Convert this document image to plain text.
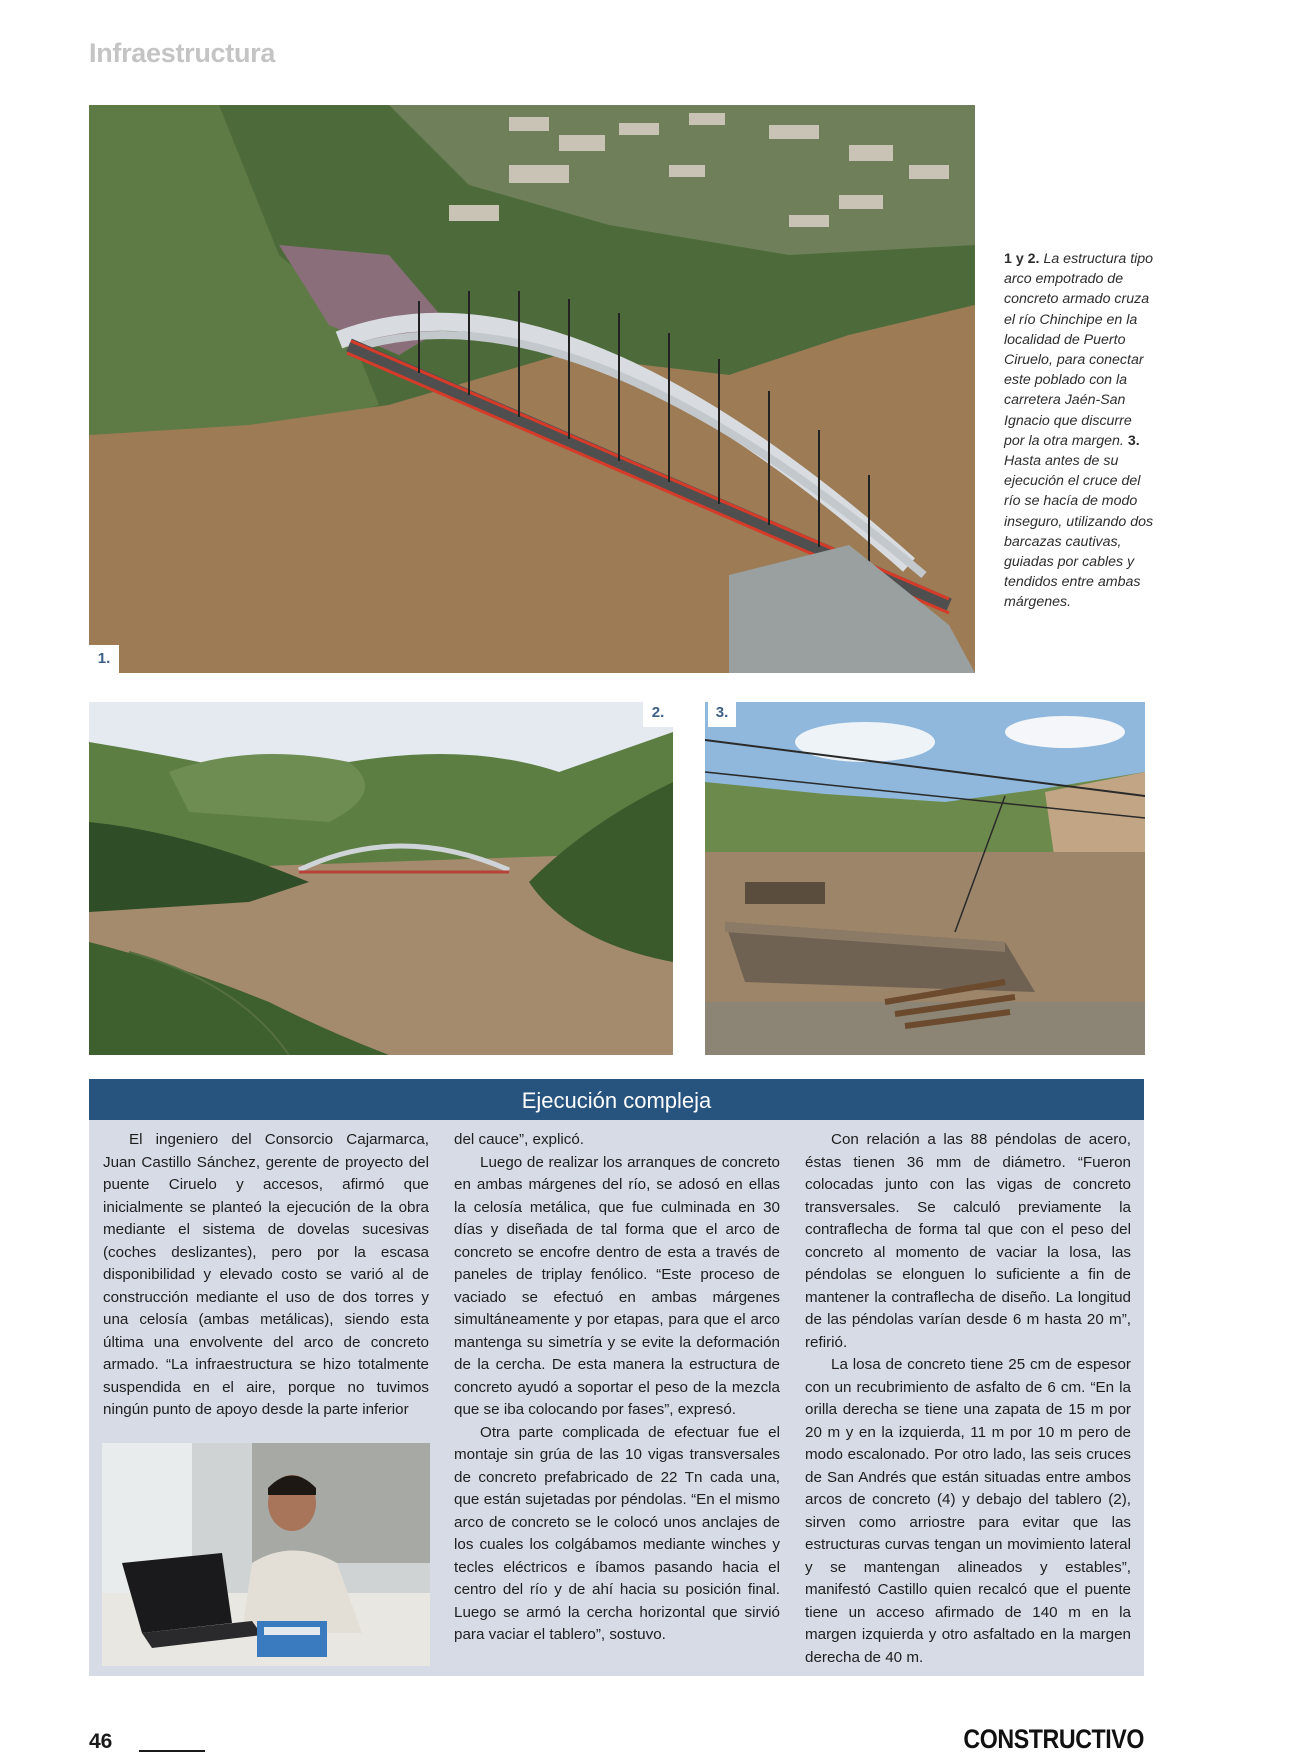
Infraestructura
1.
1 y 2. La estructura tipo arco empotrado de concreto armado cruza el río Chinchipe en la localidad de Puerto Ciruelo, para conectar este poblado con la carretera Jaén-San Ignacio que discurre por la otra margen. 3. Hasta antes de su ejecución el cruce del río se hacía de modo inseguro, utilizando dos barcazas cautivas, guiadas por cables y tendidos entre ambas márgenes.
2.	3.
Ejecución compleja

El ingeniero del Consorcio Cajarmarca, Juan Castillo Sánchez, gerente de proyecto del puente Ciruelo y accesos, afirmó que inicialmente se planteó la ejecución de la obra mediante el sistema de dovelas sucesivas (coches deslizantes), pero por la escasa disponibilidad y elevado costo se varió al de construcción mediante el uso de dos torres y una celosía (ambas metálicas), siendo esta última una envolvente del arco de concreto armado. “La infraestructura se hizo totalmente suspendida en el aire, porque no tuvimos ningún punto de apoyo desde la parte inferior

del cauce”, explicó.

Luego de realizar los arranques de concreto en ambas márgenes del río, se adosó en ellas la celosía metálica, que fue culminada en 30 días y diseñada de tal forma que el arco de concreto se encofre dentro de esta a través de paneles de triplay fenólico. “Este proceso de vaciado se efectuó en ambas márgenes simultáneamente y por etapas, para que el arco mantenga su simetría y se evite la deformación de la cercha. De esta manera la estructura de concreto ayudó a soportar el peso de la mezcla que se iba colocando por fases”, expresó.

Otra parte complicada de efectuar fue el montaje sin grúa de las 10 vigas transversales de concreto prefabricado de 22 Tn cada una, que están sujetadas por péndolas. “En el mismo arco de concreto se le colocó unos anclajes de los cuales los colgábamos mediante winches y tecles eléctricos e íbamos pasando hacia el centro del río y de ahí hacia su posición final. Luego se armó la cercha horizontal que sirvió para vaciar el tablero”, sostuvo.

Con relación a las 88 péndolas de acero, éstas tienen 36 mm de diámetro. “Fueron colocadas junto con las vigas de concreto transversales. Se calculó previamente la contraflecha de forma tal que con el peso del concreto al momento de vaciar la losa, las péndolas se elonguen lo suficiente a fin de mantener la contraflecha de diseño. La longitud de las péndolas varían desde 6 m hasta 20 m”, refirió.

La losa de concreto tiene 25 cm de espesor con un recubrimiento de asfalto de 6 cm. “En la orilla derecha se tiene una zapata de 15 m por 20 m y en la izquierda, 11 m por 10 m pero de modo escalonado. Por otro lado, las seis cruces de San Andrés que están situadas entre ambos arcos de concreto (4) y debajo del tablero (2), sirven como arriostre para evitar que las estructuras curvas tengan un movimiento lateral y se mantengan alineados y estables”, manifestó Castillo quien recalcó que el puente tiene un acceso afirmado de 140 m en la margen izquierda y otro asfaltado en la margen derecha de 40 m.

46	CONSTRUCTIVO
